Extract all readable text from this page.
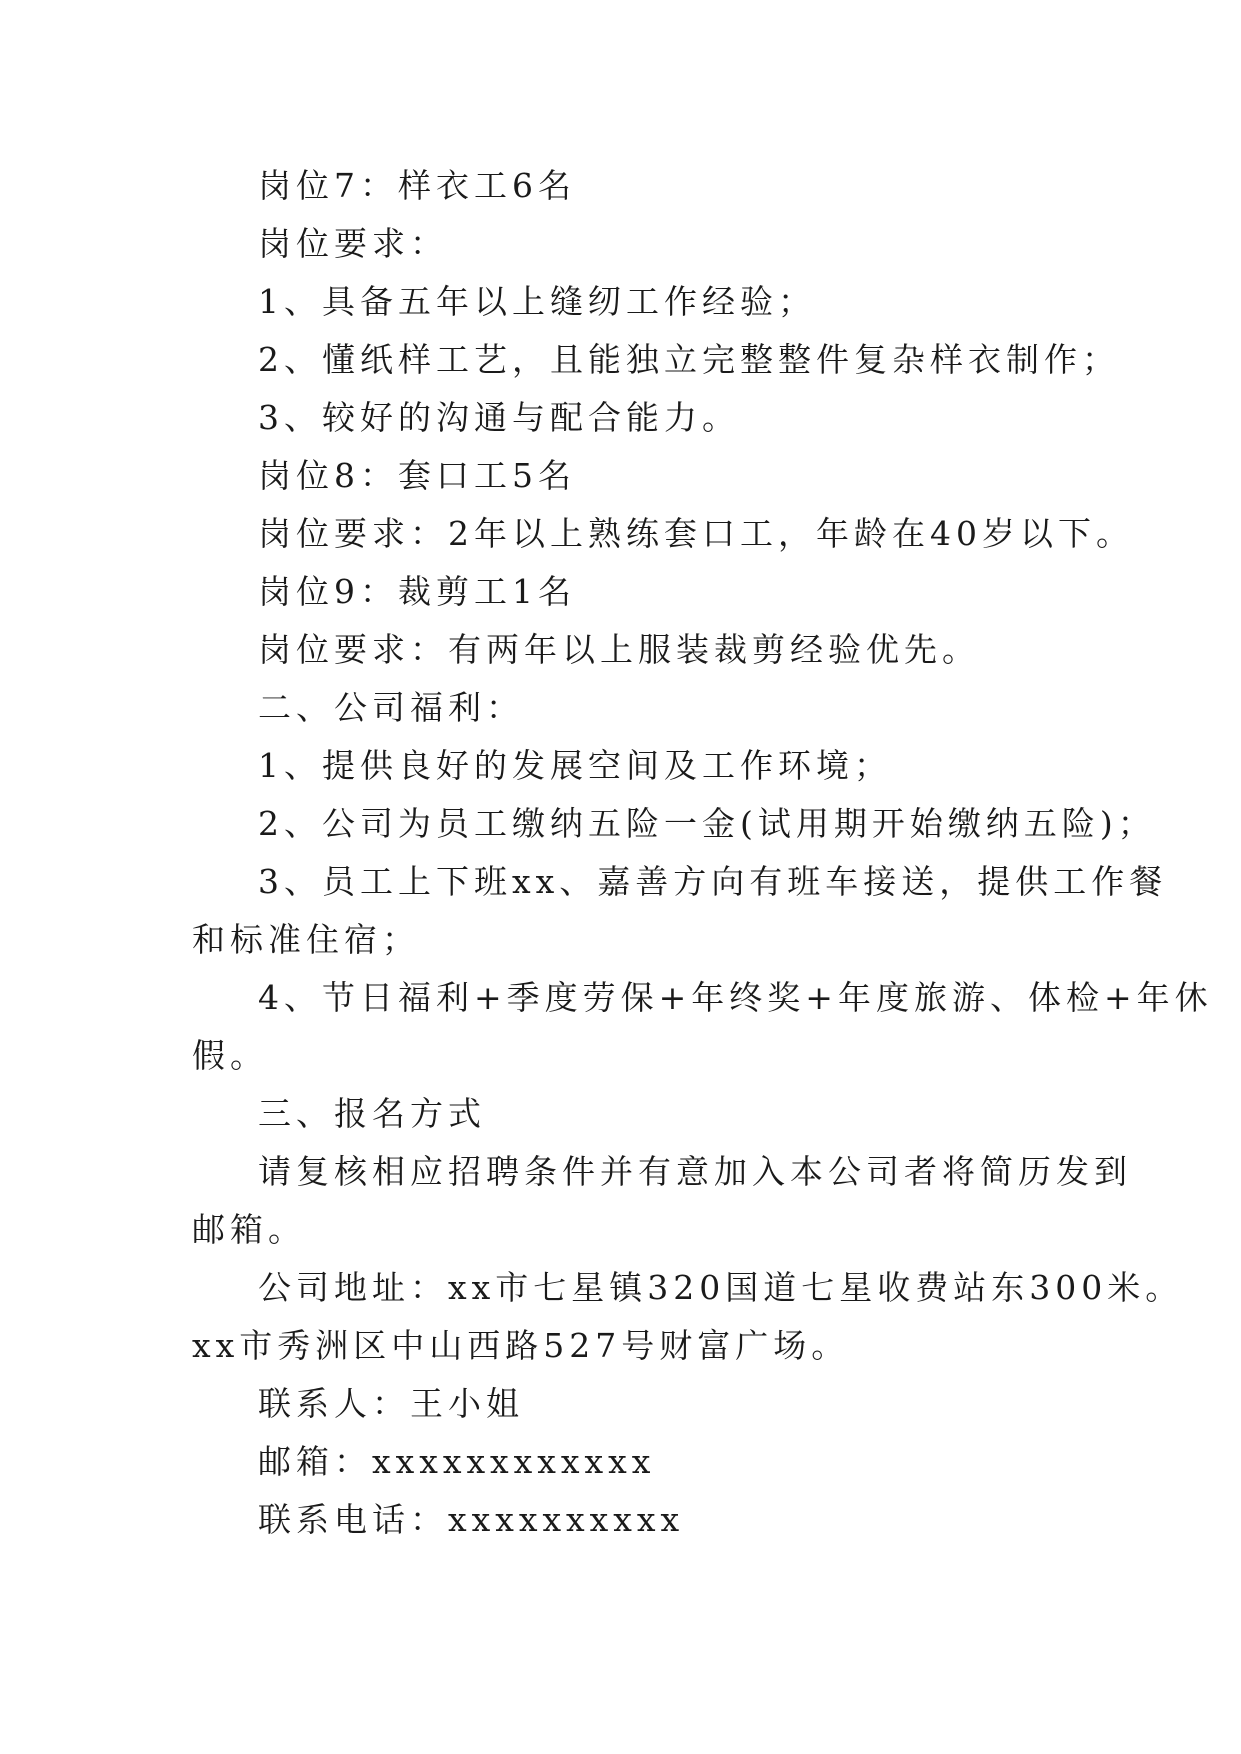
岗位7：样衣工6名

岗位要求：

1、具备五年以上缝纫工作经验；

2、懂纸样工艺，且能独立完整整件复杂样衣制作；

3、较好的沟通与配合能力。

岗位8：套口工5名

岗位要求：2年以上熟练套口工，年龄在40岁以下。

岗位9：裁剪工1名

岗位要求：有两年以上服装裁剪经验优先。

二、公司福利：

1、提供良好的发展空间及工作环境；

2、公司为员工缴纳五险一金(试用期开始缴纳五险)；

3、员工上下班xx、嘉善方向有班车接送，提供工作餐

和标准住宿；

4、节日福利+季度劳保+年终奖+年度旅游、体检+年休

假。

三、报名方式

请复核相应招聘条件并有意加入本公司者将简历发到

邮箱。

公司地址：xx市七星镇320国道七星收费站东300米。

xx市秀洲区中山西路527号财富广场。

联系人：王小姐

邮箱：xxxxxxxxxxxx

联系电话：xxxxxxxxxx
